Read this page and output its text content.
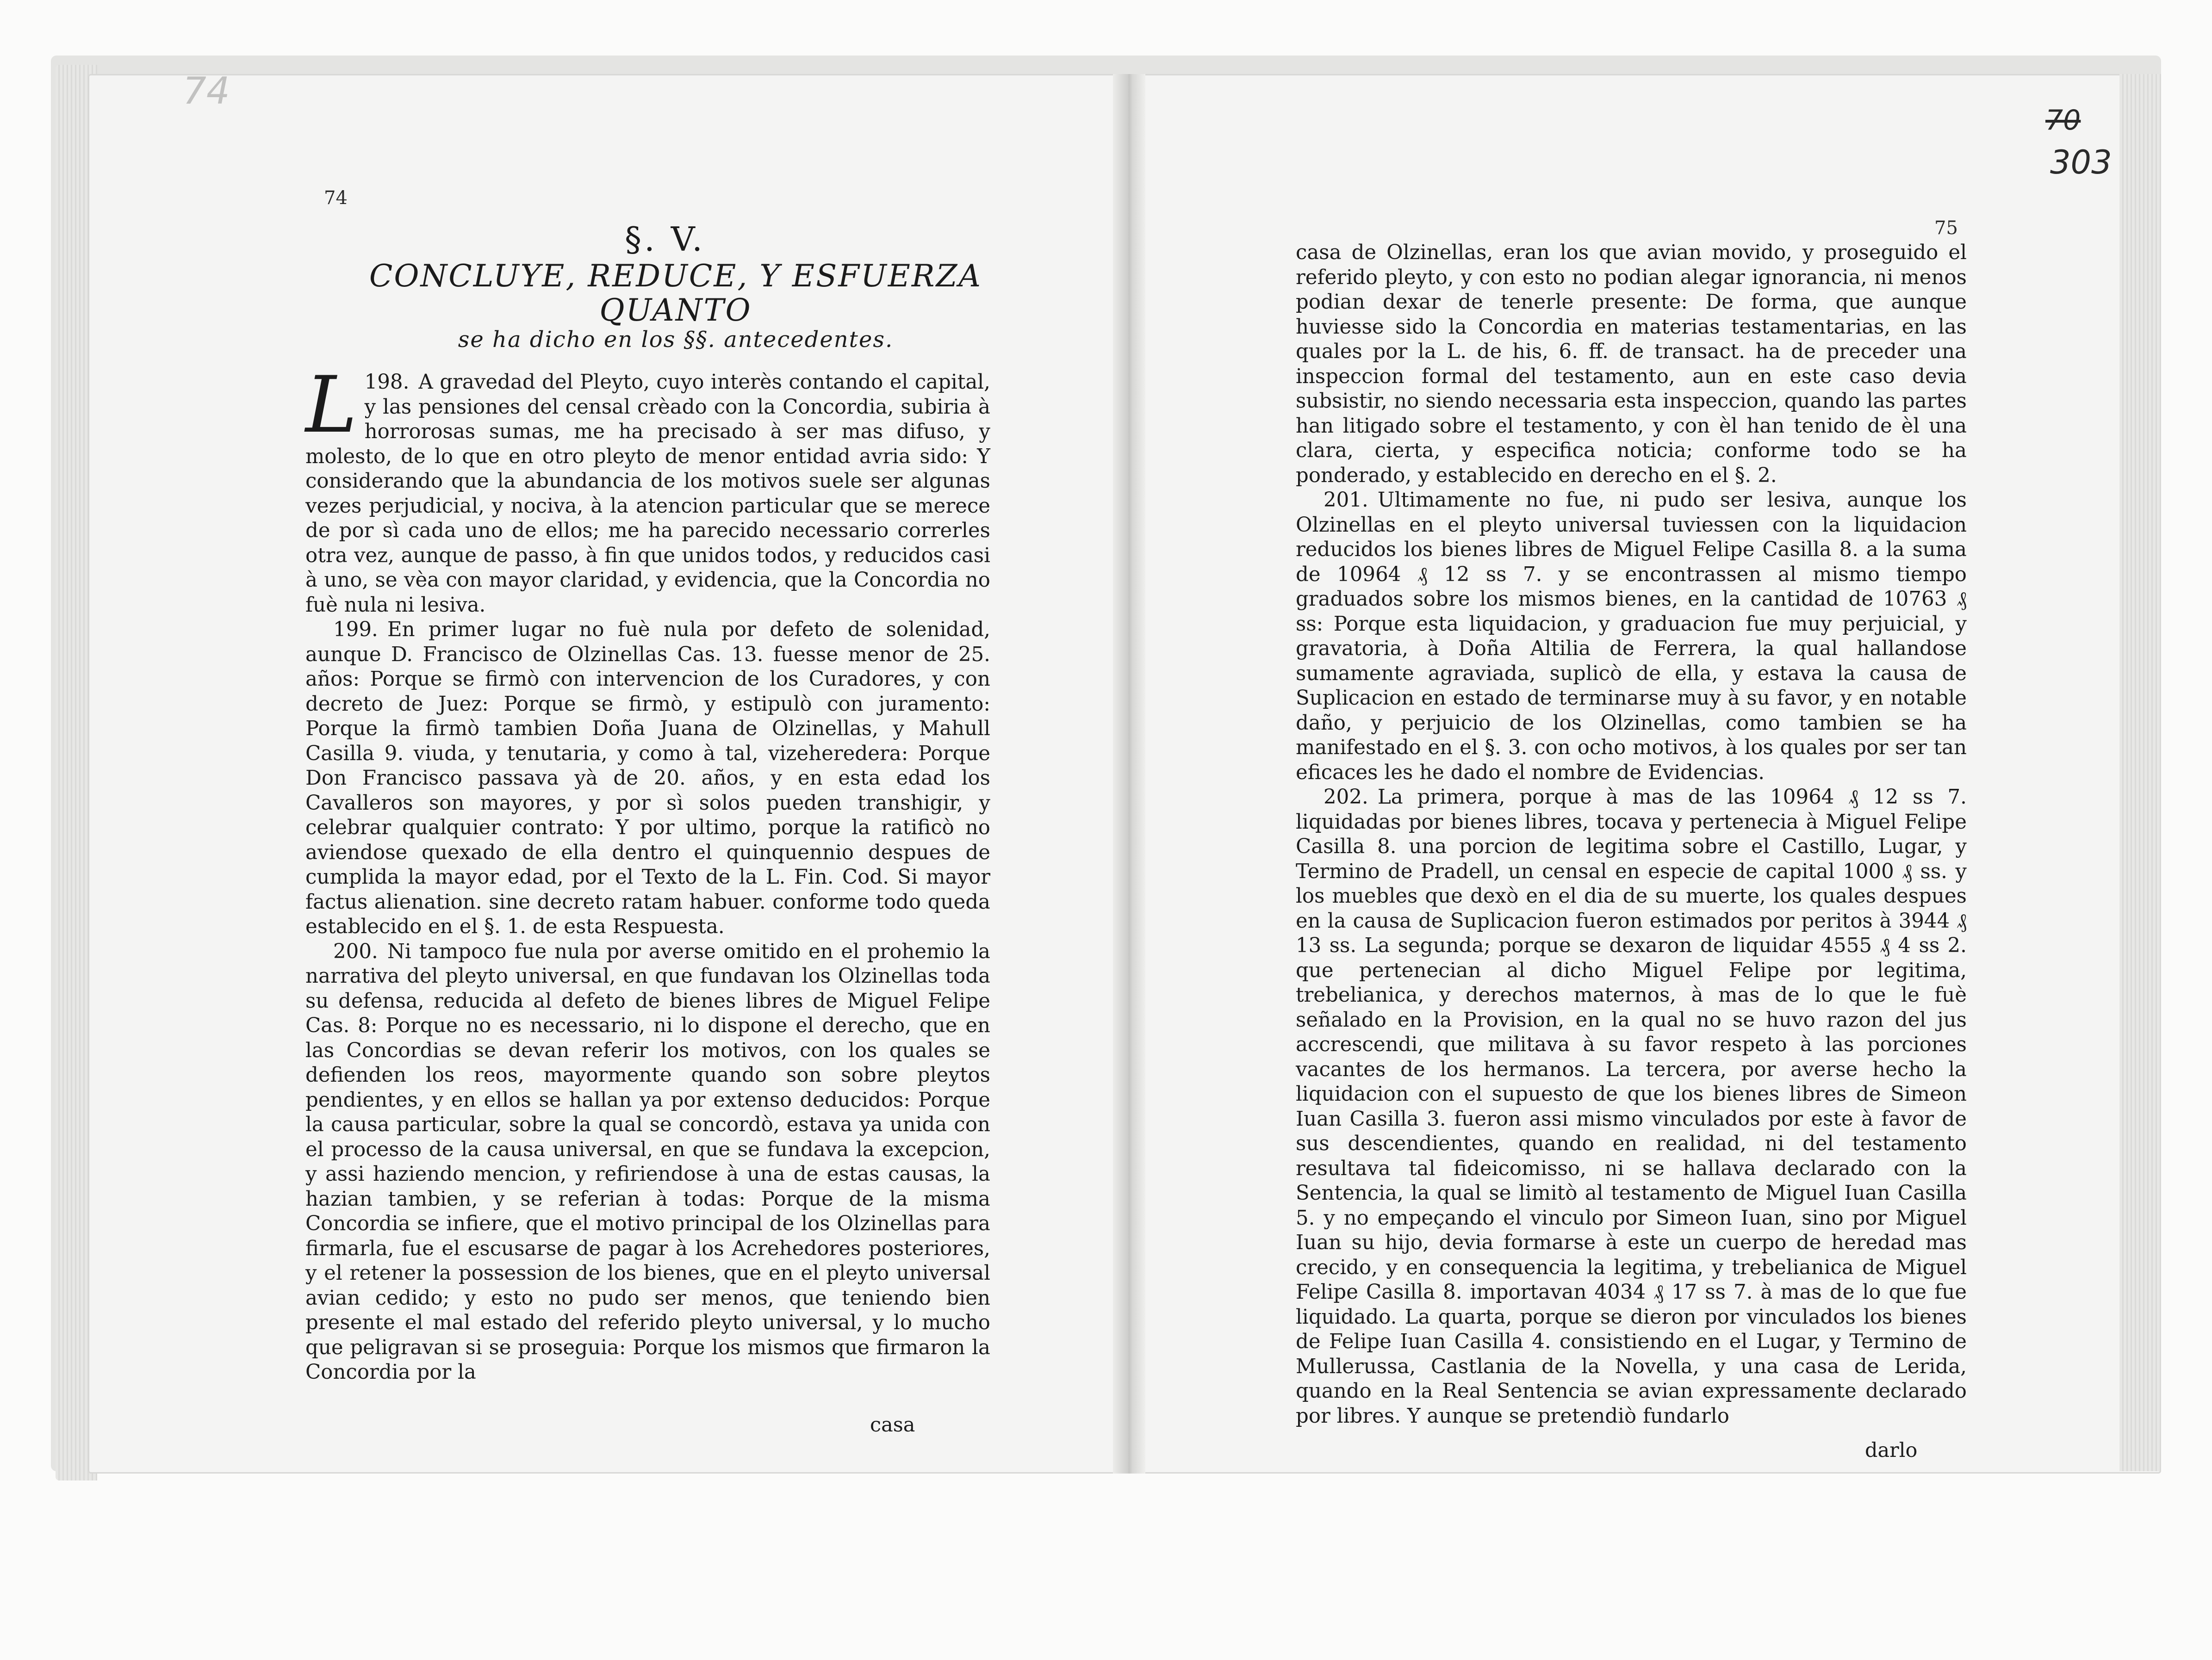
74
74
§. V.
CONCLUYE, REDUCE, Y ESFUERZA QUANTO
se ha dicho en los §§. antecedentes.

198.
L	A gravedad del Pleyto, cuyo interès contando el capital, y las pensiones del censal crèado con la Concordia, subiria à horrorosas sumas, me ha precisado à ser mas difuso, y molesto, de lo que en otro pleyto de menor entidad avria sido: Y considerando que la abundancia de los motivos suele ser algunas vezes perjudicial, y nociva, à la atencion particular que se merece de por sì cada uno de ellos; me ha parecido necessario correrles otra vez, aunque de passo, à fin que unidos todos, y reducidos casi à uno, se vèa con mayor claridad, y evidencia, que la Concordia no fuè nula ni lesiva.

199. En primer lugar no fuè nula por defeto de solenidad, aunque D. Francisco de Olzinellas Cas. 13. fuesse menor de 25. años: Porque se firmò con intervencion de los Curadores, y con decreto de Juez: Porque se firmò, y estipulò con juramento: Porque la firmò tambien Doña Juana de Olzinellas, y Mahull Casilla 9. viuda, y tenutaria, y como à tal, vizeheredera: Porque Don Francisco passava yà de 20. años, y en esta edad los Cavalleros son mayores, y por sì solos pueden transhigir, y celebrar qualquier contrato: Y por ultimo, porque la ratificò no aviendose quexado de ella dentro el quinquennio despues de cumplida la mayor edad, por el Texto de la L. Fin. Cod. Si mayor factus alienation. sine decreto ratam habuer. conforme todo queda establecido en el §. 1. de esta Respuesta.

200. Ni tampoco fue nula por averse omitido en el prohemio la narrativa del pleyto universal, en que fundavan los Olzinellas toda su defensa, reducida al defeto de bienes libres de Miguel Felipe Cas. 8: Porque no es necessario, ni lo dispone el derecho, que en las Concordias se devan referir los motivos, con los quales se defienden los reos, mayormente quando son sobre pleytos pendientes, y en ellos se hallan ya por extenso deducidos: Porque la causa particular, sobre la qual se concordò, estava ya unida con el processo de la causa universal, en que se fundava la excepcion, y assi haziendo mencion, y refiriendose à una de estas causas, la hazian tambien, y se referian à todas: Porque de la misma Concordia se infiere, que el motivo principal de los Olzinellas para firmarla, fue el escusarse de pagar à los Acrehedores posteriores, y el retener la possession de los bienes, que en el pleyto universal avian cedido; y esto no pudo ser menos, que teniendo bien presente el mal estado del referido pleyto universal, y lo mucho que peligravan si se proseguia: Porque los mismos que firmaron la Concordia por la

casa
70
303
75

casa de Olzinellas, eran los que avian movido, y proseguido el referido pleyto, y con esto no podian alegar ignorancia, ni menos podian dexar de tenerle presente: De forma, que aunque huviesse sido la Concordia en materias testamentarias, en las quales por la L. de his, 6. ff. de transact. ha de preceder una inspeccion formal del testamento, aun en este caso devia subsistir, no siendo necessaria esta inspeccion, quando las partes han litigado sobre el testamento, y con èl han tenido de èl una clara, cierta, y especifica noticia; conforme todo se ha ponderado, y establecido en derecho en el §. 2.

201. Ultimamente no fue, ni pudo ser lesiva, aunque los Olzinellas en el pleyto universal tuviessen con la liquidacion reducidos los bienes libres de Miguel Felipe Casilla 8. a la suma de 10964 ₰ 12 ss 7. y se encontrassen al mismo tiempo graduados sobre los mismos bienes, en la cantidad de 10763 ₰ ss: Porque esta liquidacion, y graduacion fue muy perjuicial, y gravatoria, à Doña Altilia de Ferrera, la qual hallandose sumamente agraviada, suplicò de ella, y estava la causa de Suplicacion en estado de terminarse muy à su favor, y en notable daño, y perjuicio de los Olzinellas, como tambien se ha manifestado en el §. 3. con ocho motivos, à los quales por ser tan eficaces les he dado el nombre de Evidencias.

202. La primera, porque à mas de las 10964 ₰ 12 ss 7. liquidadas por bienes libres, tocava y pertenecia à Miguel Felipe Casilla 8. una porcion de legitima sobre el Castillo, Lugar, y Termino de Pradell, un censal en especie de capital 1000 ₰ ss. y los muebles que dexò en el dia de su muerte, los quales despues en la causa de Suplicacion fueron estimados por peritos à 3944 ₰ 13 ss. La segunda; porque se dexaron de liquidar 4555 ₰ 4 ss 2. que pertenecian al dicho Miguel Felipe por legitima, trebelianica, y derechos maternos, à mas de lo que le fuè señalado en la Provision, en la qual no se huvo razon del jus accrescendi, que militava à su favor respeto à las porciones vacantes de los hermanos. La tercera, por averse hecho la liquidacion con el supuesto de que los bienes libres de Simeon Iuan Casilla 3. fueron assi mismo vinculados por este à favor de sus descendientes, quando en realidad, ni del testamento resultava tal fideicomisso, ni se hallava declarado con la Sentencia, la qual se limitò al testamento de Miguel Iuan Casilla 5. y no empeçando el vinculo por Simeon Iuan, sino por Miguel Iuan su hijo, devia formarse à este un cuerpo de heredad mas crecido, y en consequencia la legitima, y trebelianica de Miguel Felipe Casilla 8. importavan 4034 ₰ 17 ss 7. à mas de lo que fue liquidado. La quarta, porque se dieron por vinculados los bienes de Felipe Iuan Casilla 4. consistiendo en el Lugar, y Termino de Mullerussa, Castlania de la Novella, y una casa de Lerida, quando en la Real Sentencia se avian expressamente declarado por libres. Y aunque se pretendiò fundarlo

darlo
